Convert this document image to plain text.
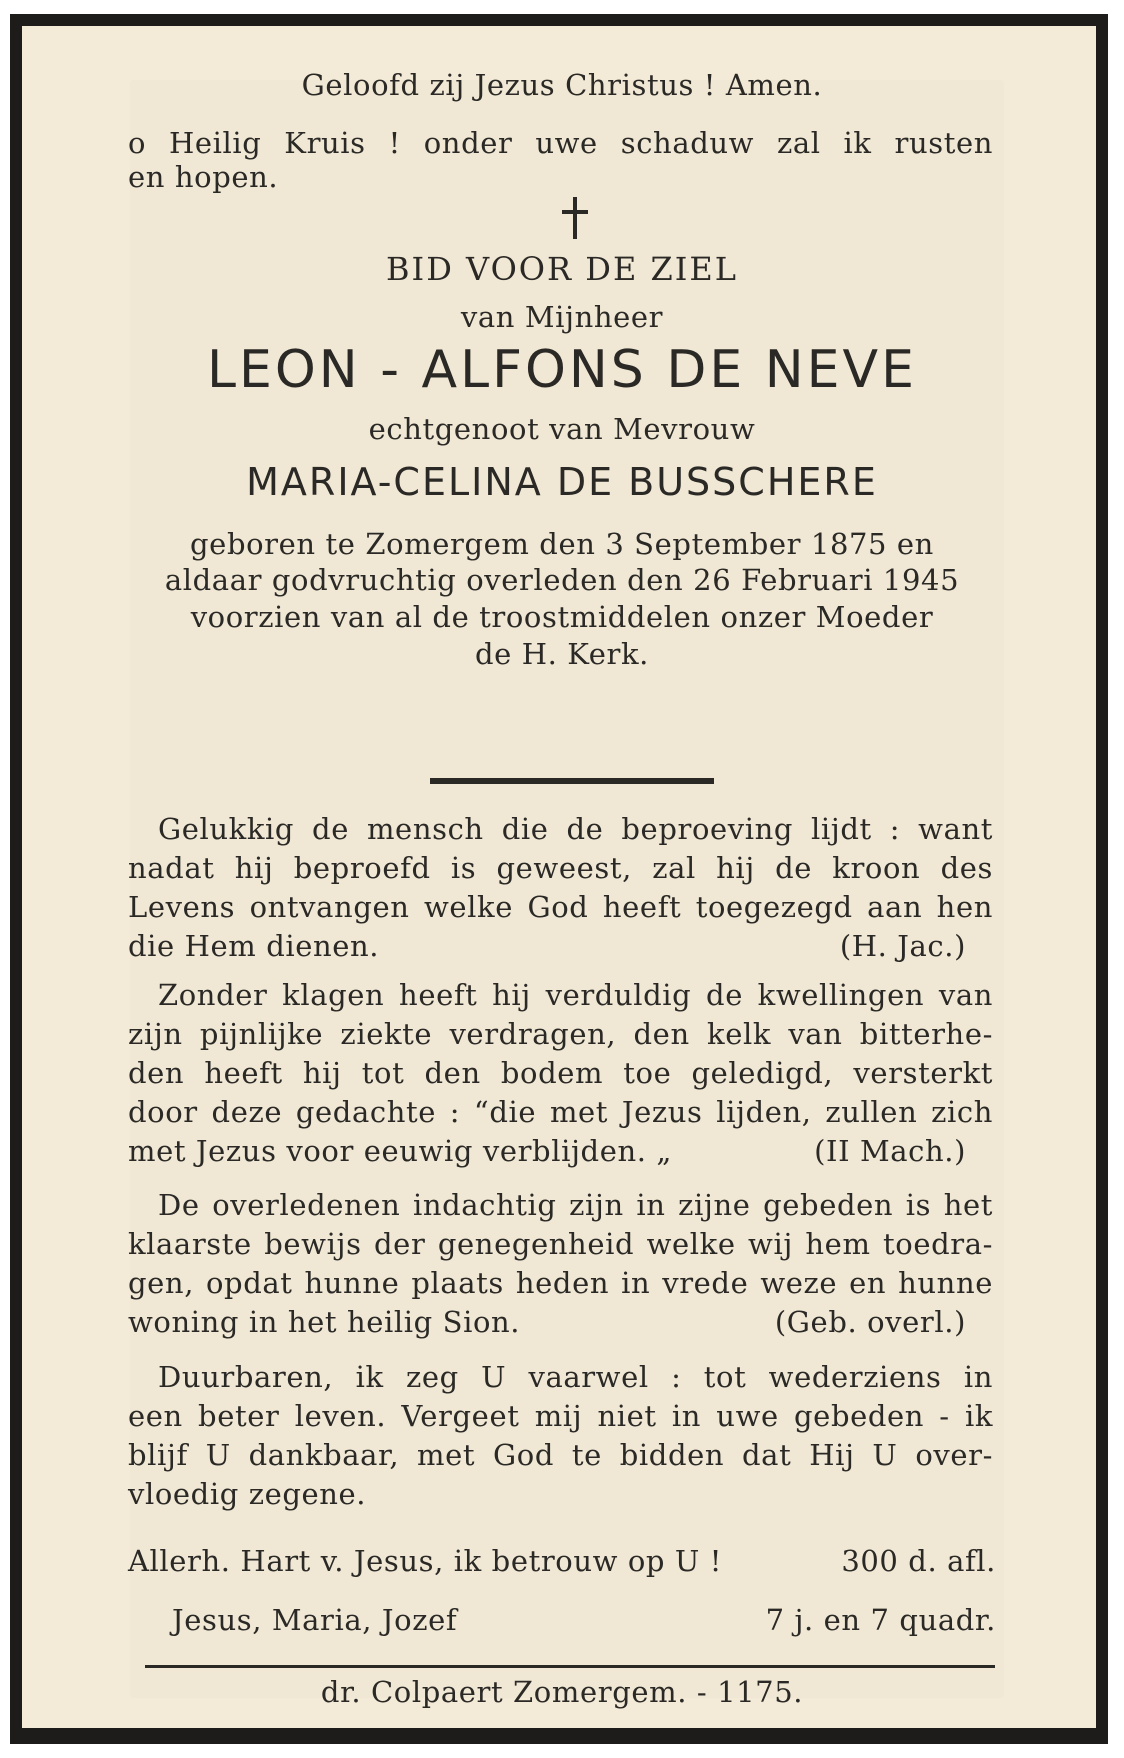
Geloofd zij Jezus Christus ! Amen.
o Heilig Kruis ! onder uwe schaduw zal ik rusten
en hopen.
BID VOOR DE ZIEL
van Mijnheer
LEON - ALFONS DE NEVE
echtgenoot van Mevrouw
MARIA-CELINA DE BUSSCHERE
geboren te Zomergem den 3 September 1875 en
aldaar godvruchtig overleden den 26 Februari 1945
voorzien van al de troostmiddelen onzer Moeder
de H. Kerk.
Gelukkig de mensch die de beproeving lijdt : want
nadat hij beproefd is geweest, zal hij de kroon des
Levens ontvangen welke God heeft toegezegd aan hen
die Hem dienen.	(H. Jac.)
Zonder klagen heeft hij verduldig de kwellingen van
zijn pijnlijke ziekte verdragen, den kelk van bitterhe-
den heeft hij tot den bodem toe geledigd, versterkt
door deze gedachte : “die met Jezus lijden, zullen zich
met Jezus voor eeuwig verblijden. „	(II Mach.)
De overledenen indachtig zijn in zijne gebeden is het
klaarste bewijs der genegenheid welke wij hem toedra-
gen, opdat hunne plaats heden in vrede weze en hunne
woning in het heilig Sion.	(Geb. overl.)
Duurbaren, ik zeg U vaarwel : tot wederziens in
een beter leven. Vergeet mij niet in uwe gebeden - ik
blijf U dankbaar, met God te bidden dat Hij U over-
vloedig zegene.
Allerh. Hart v. Jesus, ik betrouw op U !	300 d. afl.
Jesus, Maria, Jozef	7 j. en 7 quadr.
dr. Colpaert Zomergem. - 1175.
